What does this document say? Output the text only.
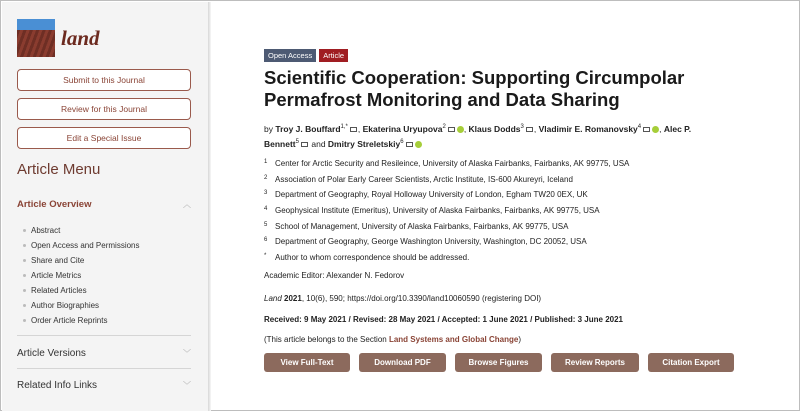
land
Submit to this Journal
Review for this Journal
Edit a Special Issue
Article Menu
Article Overview	︿
Abstract
Open Access and Permissions
Share and Cite
Article Metrics
Related Articles
Author Biographies
Order Article Reprints
Article Versions	﹀
Related Info Links	﹀
Open Access	Article
Scientific Cooperation: Supporting Circumpolar Permafrost Monitoring and Data Sharing
by Troy J. Bouffard$^{1,*}$ , Ekaterina Uryupova$^2$ , Klaus Dodds$^3$ , Vladimir E. Romanovsky$^4$ , Alec P. Bennett$^5$ and Dmitry Streletskiy$^6$
1 Center for Arctic Security and Resileince, University of Alaska Fairbanks, Fairbanks, AK 99775, USA
2 Association of Polar Early Career Scientists, Arctic Institute, IS-600 Akureyri, Iceland
3 Department of Geography, Royal Holloway University of London, Egham TW20 0EX, UK
4 Geophysical Institute (Emeritus), University of Alaska Fairbanks, Fairbanks, AK 99775, USA
5 School of Management, University of Alaska Fairbanks, Fairbanks, AK 99775, USA
6 Department of Geography, George Washington University, Washington, DC 20052, USA
*	Author to whom correspondence should be addressed.
Academic Editor: Alexander N. Fedorov
Land 2021, 10(6), 590; https://doi.org/10.3390/land10060590 (registering DOI)
Received: 9 May 2021 / Revised: 28 May 2021 / Accepted: 1 June 2021 / Published: 3 June 2021
(This article belongs to the Section Land Systems and Global Change)
View Full-Text	Download PDF	Browse Figures	Review Reports	Citation Export
